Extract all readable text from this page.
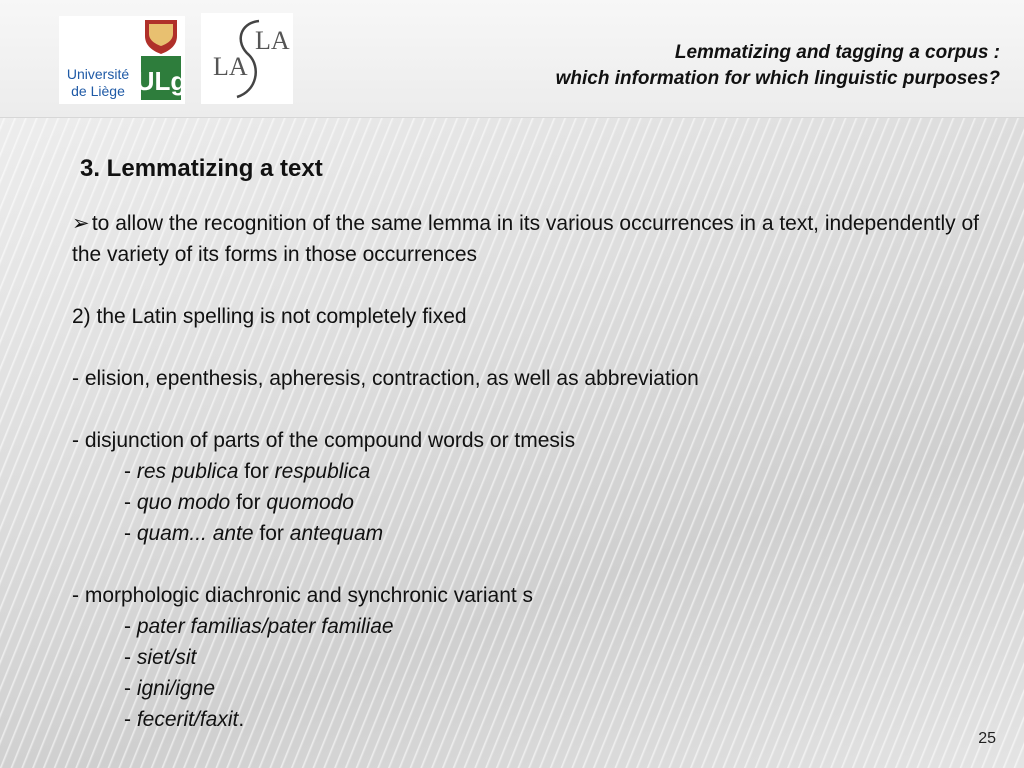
Université
de Liège ULg LA
LA	Lemmatizing and tagging a corpus :
which information for which linguistic purposes?
3. Lemmatizing a text
➢ to allow the recognition of the same lemma in its various occurrences in a text, independently of the variety of its forms in those occurrences
2) the Latin spelling is not completely fixed
- elision, epenthesis, apheresis, contraction, as well as abbreviation
- disjunction of parts of the compound words or tmesis
- res publica for respublica
- quo modo for quomodo
- quam... ante for antequam
- morphologic diachronic and synchronic variant s
- pater familias/pater familiae
- siet/sit
- igni/igne
- fecerit/faxit.
25
